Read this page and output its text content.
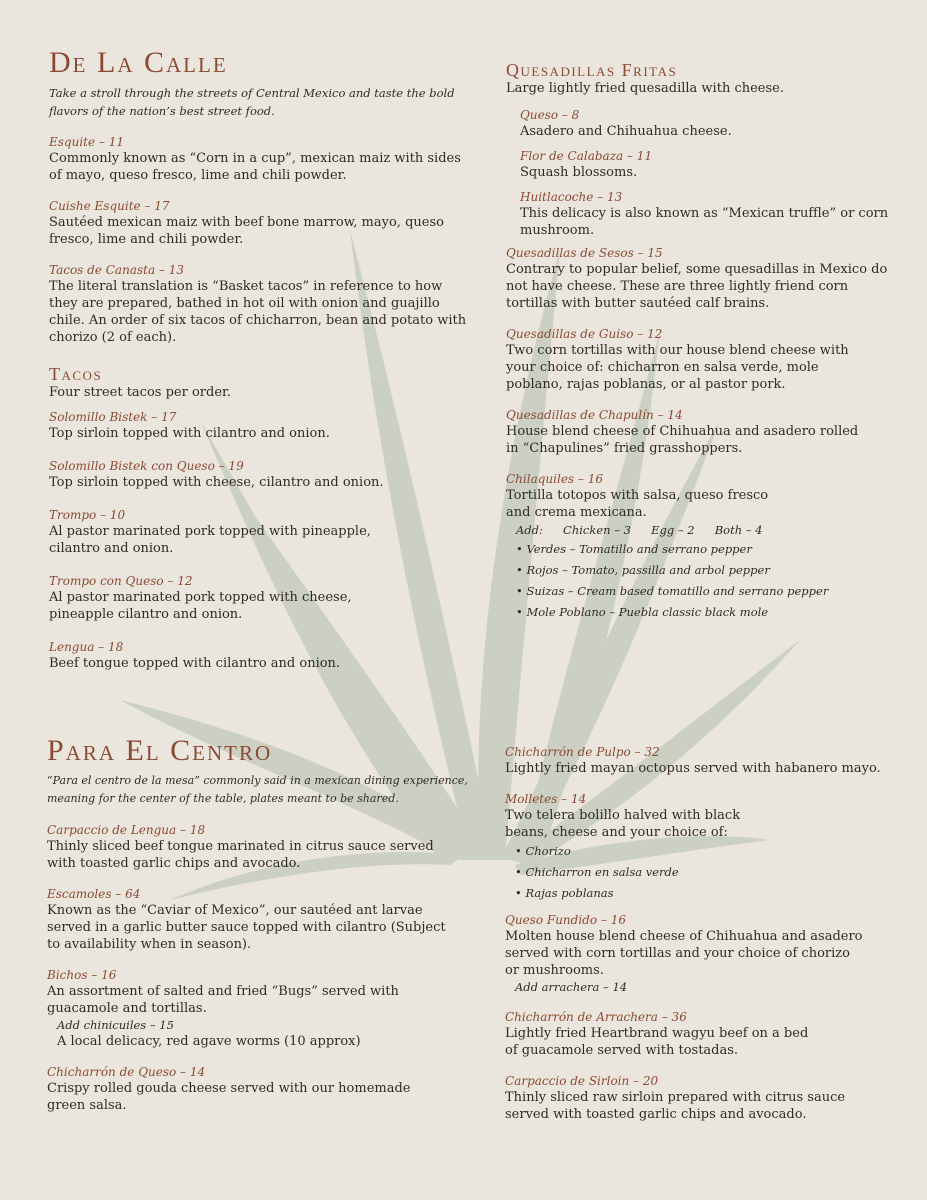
De La Calle
Take a stroll through the streets of Central Mexico and taste the bold flavors of the nation’s best street food.
Esquite – 11
Commonly known as “Corn in a cup”, mexican maiz with sides of mayo, queso fresco, lime and chili powder.
Cuishe Esquite – 17
Sautéed mexican maiz with beef bone marrow, mayo, queso fresco, lime and chili powder.
Tacos de Canasta – 13
The literal translation is “Basket tacos” in reference to how they are prepared, bathed in hot oil with onion and guajillo chile. An order of six tacos of chicharron, bean and potato with chorizo (2 of each).
Tacos
Four street tacos per order.
Solomillo Bistek – 17
Top sirloin topped with cilantro and onion.
Solomillo Bistek con Queso – 19
Top sirloin topped with cheese, cilantro and onion.
Trompo – 10
Al pastor marinated pork topped with pineapple, cilantro and onion.
Trompo con Queso – 12
Al pastor marinated pork topped with cheese, pineapple cilantro and onion.
Lengua – 18
Beef tongue topped with cilantro and onion.
Quesadillas Fritas
Large lightly fried quesadilla with cheese.
Queso – 8
Asadero and Chihuahua cheese.
Flor de Calabaza – 11
Squash blossoms.
Huitlacoche – 13
This delicacy is also known as “Mexican truffle” or corn mushroom.
Quesadillas de Sesos – 15
Contrary to popular belief, some quesadillas in Mexico do not have cheese. These are three lightly friend corn tortillas with butter sautéed calf brains.
Quesadillas de Guiso – 12
Two corn tortillas with our house blend cheese with your choice of: chicharron en salsa verde, mole poblano, rajas poblanas, or al pastor pork.
Quesadillas de Chapulín – 14
House blend cheese of Chihuahua and asadero rolled in “Chapulines” fried grasshoppers.
Chilaquiles – 16
Tortilla totopos with salsa, queso fresco
and crema mexicana.
Add: Chicken – 3 Egg – 2 Both – 4
• Verdes – Tomatillo and serrano pepper
• Rojos – Tomato, passilla and arbol pepper
• Suizas – Cream based tomatillo and serrano pepper
• Mole Poblano – Puebla classic black mole
Para El Centro
“Para el centro de la mesa” commonly said in a mexican dining experience, meaning for the center of the table, plates meant to be shared.
Carpaccio de Lengua – 18
Thinly sliced beef tongue marinated in citrus sauce served with toasted garlic chips and avocado.
Escamoles – 64
Known as the “Caviar of Mexico”, our sautéed ant larvae served in a garlic butter sauce topped with cilantro (Subject to availability when in season).
Bichos – 16
An assortment of salted and fried “Bugs” served with guacamole and tortillas.
Add chinicuiles – 15
A local delicacy, red agave worms (10 approx)
Chicharrón de Queso – 14
Crispy rolled gouda cheese served with our homemade green salsa.
Chicharrón de Pulpo – 32
Lightly fried mayan octopus served with habanero mayo.
Molletes – 14
Two telera bolillo halved with black beans, cheese and your choice of:
• Chorizo
• Chicharron en salsa verde
• Rajas poblanas
Queso Fundido – 16
Molten house blend cheese of Chihuahua and asadero served with corn tortillas and your choice of chorizo or mushrooms.
Add arrachera – 14
Chicharrón de Arrachera – 36
Lightly fried Heartbrand wagyu beef on a bed of guacamole served with tostadas.
Carpaccio de Sirloin – 20
Thinly sliced raw sirloin prepared with citrus sauce served with toasted garlic chips and avocado.
